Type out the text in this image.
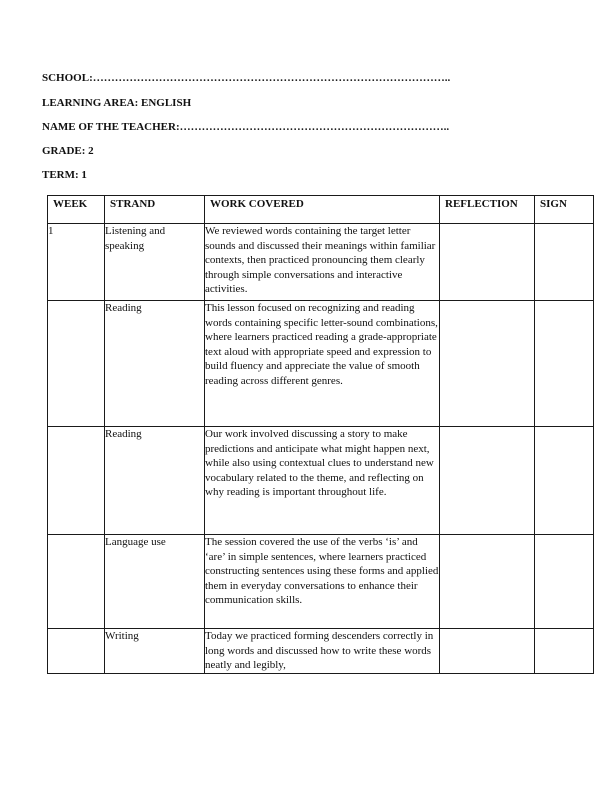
SCHOOL:……………………………………………………………………………………..
LEARNING AREA: ENGLISH
NAME OF THE TEACHER:………………………………………………………………..
GRADE: 2
TERM: 1
WEEK	STRAND	WORK COVERED	REFLECTION	SIGN
1	Listening and speaking	We reviewed words containing the target letter sounds and discussed their meanings within familiar contexts, then practiced pronouncing them clearly through simple conversations and interactive activities.		
	Reading	This lesson focused on recognizing and reading words containing specific letter-sound combinations, where learners practiced reading a grade-appropriate text aloud with appropriate speed and expression to build fluency and appreciate the value of smooth reading across different genres.		
	Reading	Our work involved discussing a story to make predictions and anticipate what might happen next, while also using contextual clues to understand new vocabulary related to the theme, and reflecting on why reading is important throughout life.		
	Language use	The session covered the use of the verbs ‘is’ and ‘are’ in simple sentences, where learners practiced constructing sentences using these forms and applied them in everyday conversations to enhance their communication skills.		
	Writing	Today we practiced forming descenders correctly in long words and discussed how to write these words neatly and legibly,		
